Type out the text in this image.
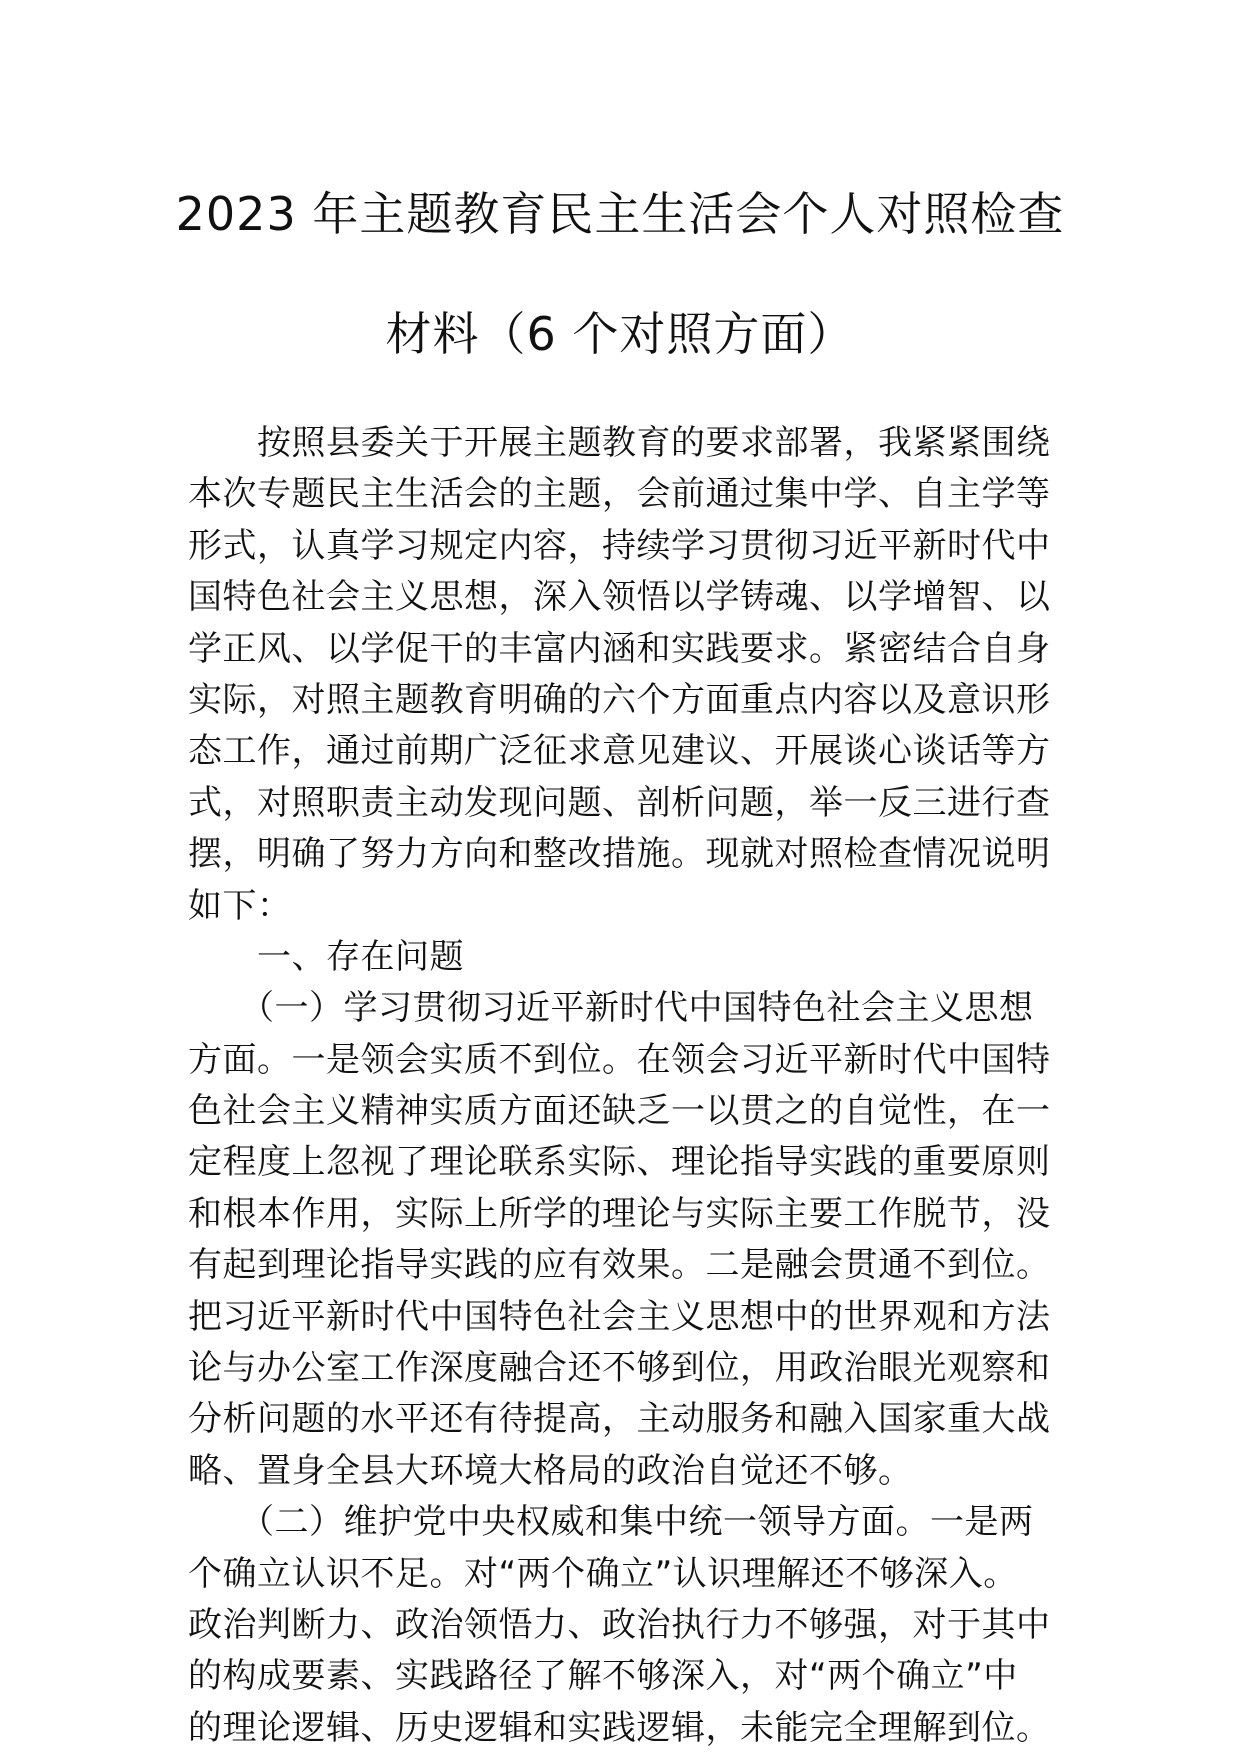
2023 年主题教育民主生活会个人对照检查
材料（6 个对照方面）
　　按照县委关于开展主题教育的要求部署，我紧紧围绕
本次专题民主生活会的主题，会前通过集中学、自主学等
形式，认真学习规定内容，持续学习贯彻习近平新时代中
国特色社会主义思想，深入领悟以学铸魂、以学增智、以
学正风、以学促干的丰富内涵和实践要求。紧密结合自身
实际，对照主题教育明确的六个方面重点内容以及意识形
态工作，通过前期广泛征求意见建议、开展谈心谈话等方
式，对照职责主动发现问题、剖析问题，举一反三进行查
摆，明确了努力方向和整改措施。现就对照检查情况说明
如下：
　　一、存在问题
　　（一）学习贯彻习近平新时代中国特色社会主义思想
方面。一是领会实质不到位。在领会习近平新时代中国特
色社会主义精神实质方面还缺乏一以贯之的自觉性，在一
定程度上忽视了理论联系实际、理论指导实践的重要原则
和根本作用，实际上所学的理论与实际主要工作脱节，没
有起到理论指导实践的应有效果。二是融会贯通不到位。
把习近平新时代中国特色社会主义思想中的世界观和方法
论与办公室工作深度融合还不够到位，用政治眼光观察和
分析问题的水平还有待提高，主动服务和融入国家重大战
略、置身全县大环境大格局的政治自觉还不够。
　　（二）维护党中央权威和集中统一领导方面。一是两
个确立认识不足。对“两个确立”认识理解还不够深入。
政治判断力、政治领悟力、政治执行力不够强，对于其中
的构成要素、实践路径了解不够深入，对“两个确立”中
的理论逻辑、历史逻辑和实践逻辑，未能完全理解到位。
